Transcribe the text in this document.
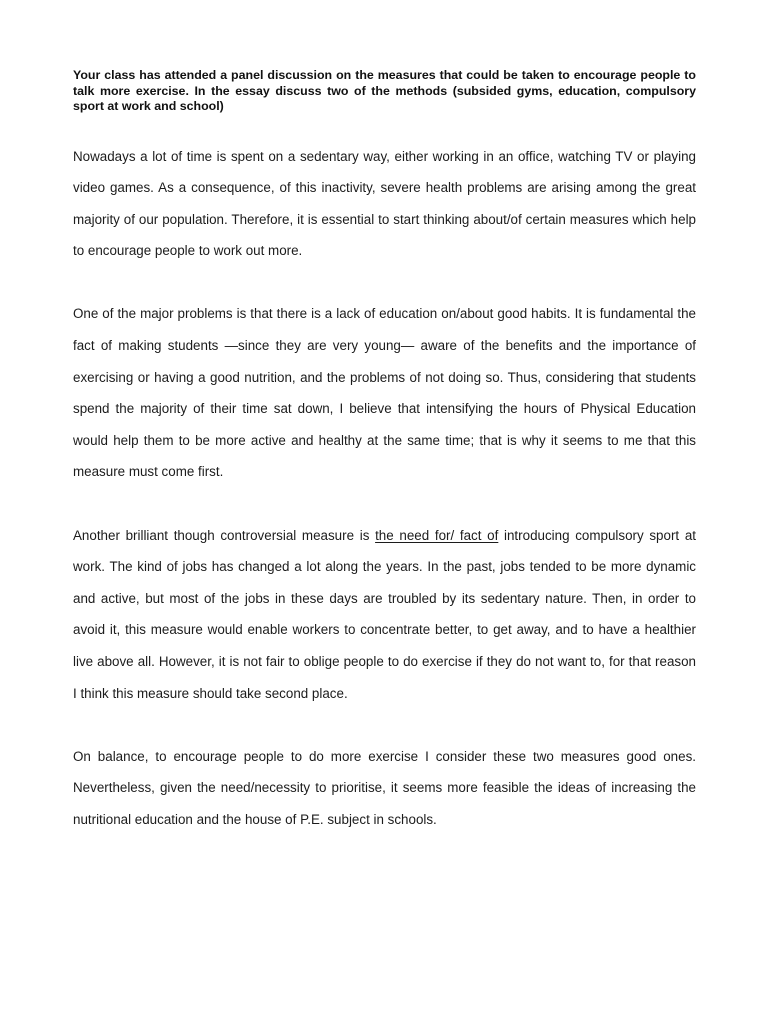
Your class has attended a panel discussion on the measures that could be taken to encourage people to talk more exercise. In the essay discuss two of the methods (subsided gyms, education, compulsory sport at work and school)

Nowadays a lot of time is spent on a sedentary way, either working in an office, watching TV or playing video games. As a consequence, of this inactivity, severe health problems are arising among the great majority of our population. Therefore, it is essential to start thinking about/of certain measures which help to encourage people to work out more.

One of the major problems is that there is a lack of education on/about good habits. It is fundamental the fact of making students —since they are very young— aware of the benefits and the importance of exercising or having a good nutrition, and the problems of not doing so. Thus, considering that students spend the majority of their time sat down, I believe that intensifying the hours of Physical Education would help them to be more active and healthy at the same time; that is why it seems to me that this measure must come first.

Another brilliant though controversial measure is the need for/ fact of introducing compulsory sport at work. The kind of jobs has changed a lot along the years. In the past, jobs tended to be more dynamic and active, but most of the jobs in these days are troubled by its sedentary nature. Then, in order to avoid it, this measure would enable workers to concentrate better, to get away, and to have a healthier live above all. However, it is not fair to oblige people to do exercise if they do not want to, for that reason I think this measure should take second place.

On balance, to encourage people to do more exercise I consider these two measures good ones. Nevertheless, given the need/necessity to prioritise, it seems more feasible the ideas of increasing the nutritional education and the house of P.E. subject in schools.
